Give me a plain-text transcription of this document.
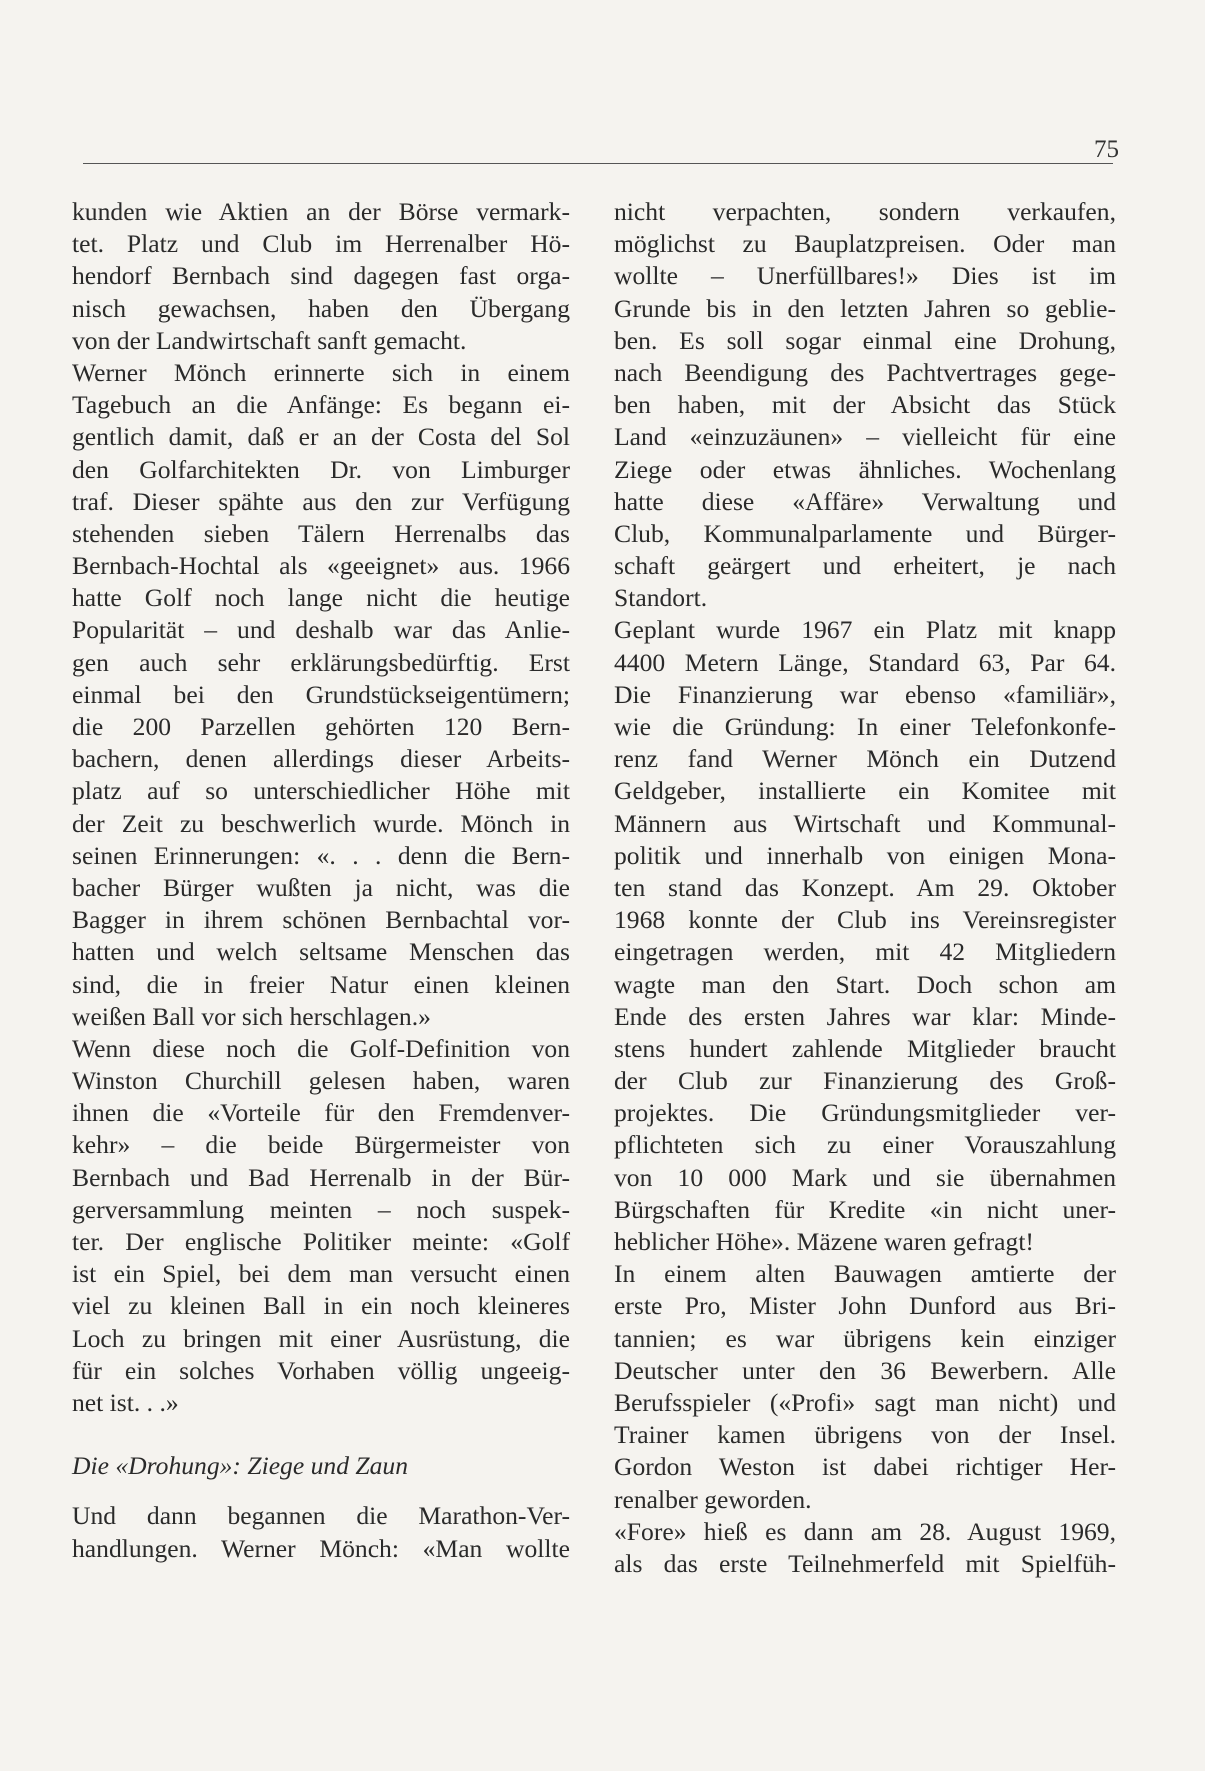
75
kunden wie Aktien an der Börse vermark-
tet. Platz und Club im Herrenalber Hö-
hendorf Bernbach sind dagegen fast orga-
nisch gewachsen, haben den Übergang
von der Landwirtschaft sanft gemacht.
Werner Mönch erinnerte sich in einem
Tagebuch an die Anfänge: Es begann ei-
gentlich damit, daß er an der Costa del Sol
den Golfarchitekten Dr. von Limburger
traf. Dieser spähte aus den zur Verfügung
stehenden sieben Tälern Herrenalbs das
Bernbach-Hochtal als «geeignet» aus. 1966
hatte Golf noch lange nicht die heutige
Popularität – und deshalb war das Anlie-
gen auch sehr erklärungsbedürftig. Erst
einmal bei den Grundstückseigentümern;
die 200 Parzellen gehörten 120 Bern-
bachern, denen allerdings dieser Arbeits-
platz auf so unterschiedlicher Höhe mit
der Zeit zu beschwerlich wurde. Mönch in
seinen Erinnerungen: «. . . denn die Bern-
bacher Bürger wußten ja nicht, was die
Bagger in ihrem schönen Bernbachtal vor-
hatten und welch seltsame Menschen das
sind, die in freier Natur einen kleinen
weißen Ball vor sich herschlagen.»
Wenn diese noch die Golf-Definition von
Winston Churchill gelesen haben, waren
ihnen die «Vorteile für den Fremdenver-
kehr» – die beide Bürgermeister von
Bernbach und Bad Herrenalb in der Bür-
gerversammlung meinten – noch suspek-
ter. Der englische Politiker meinte: «Golf
ist ein Spiel, bei dem man versucht einen
viel zu kleinen Ball in ein noch kleineres
Loch zu bringen mit einer Ausrüstung, die
für ein solches Vorhaben völlig ungeeig-
net ist. . .»
Die «Drohung»: Ziege und Zaun
Und dann begannen die Marathon-Ver-
handlungen. Werner Mönch: «Man wollte
nicht verpachten, sondern verkaufen,
möglichst zu Bauplatzpreisen. Oder man
wollte – Unerfüllbares!» Dies ist im
Grunde bis in den letzten Jahren so geblie-
ben. Es soll sogar einmal eine Drohung,
nach Beendigung des Pachtvertrages gege-
ben haben, mit der Absicht das Stück
Land «einzuzäunen» – vielleicht für eine
Ziege oder etwas ähnliches. Wochenlang
hatte diese «Affäre» Verwaltung und
Club, Kommunalparlamente und Bürger-
schaft geärgert und erheitert, je nach
Standort.
Geplant wurde 1967 ein Platz mit knapp
4400 Metern Länge, Standard 63, Par 64.
Die Finanzierung war ebenso «familiär»,
wie die Gründung: In einer Telefonkonfe-
renz fand Werner Mönch ein Dutzend
Geldgeber, installierte ein Komitee mit
Männern aus Wirtschaft und Kommunal-
politik und innerhalb von einigen Mona-
ten stand das Konzept. Am 29. Oktober
1968 konnte der Club ins Vereinsregister
eingetragen werden, mit 42 Mitgliedern
wagte man den Start. Doch schon am
Ende des ersten Jahres war klar: Minde-
stens hundert zahlende Mitglieder braucht
der Club zur Finanzierung des Groß-
projektes. Die Gründungsmitglieder ver-
pflichteten sich zu einer Vorauszahlung
von 10 000 Mark und sie übernahmen
Bürgschaften für Kredite «in nicht uner-
heblicher Höhe». Mäzene waren gefragt!
In einem alten Bauwagen amtierte der
erste Pro, Mister John Dunford aus Bri-
tannien; es war übrigens kein einziger
Deutscher unter den 36 Bewerbern. Alle
Berufsspieler («Profi» sagt man nicht) und
Trainer kamen übrigens von der Insel.
Gordon Weston ist dabei richtiger Her-
renalber geworden.
«Fore» hieß es dann am 28. August 1969,
als das erste Teilnehmerfeld mit Spielfüh-
